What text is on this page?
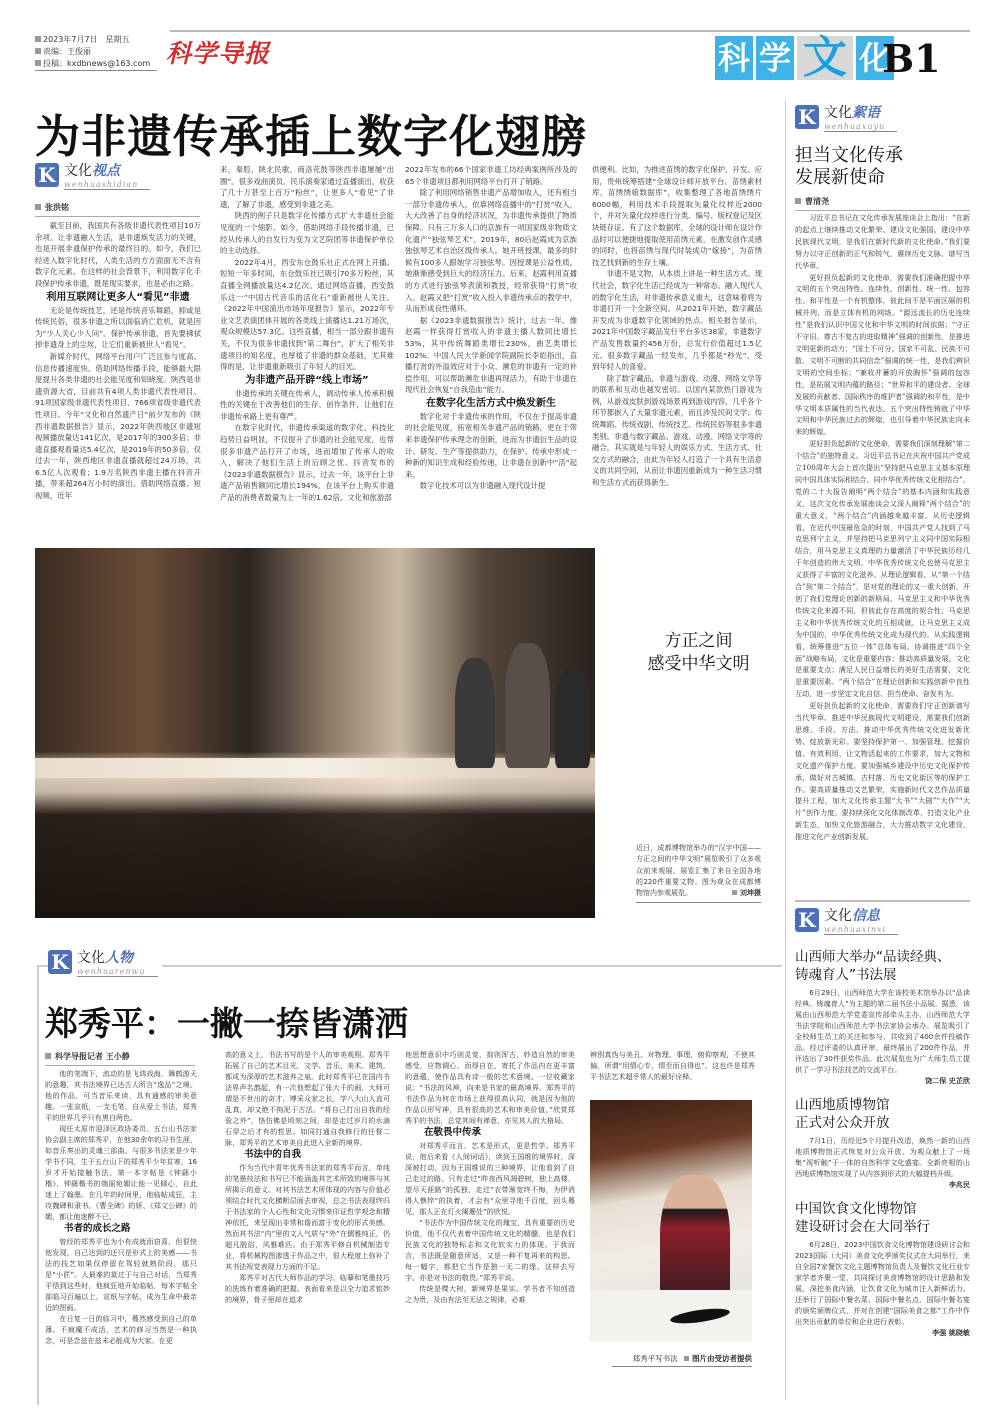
2023年7月7日　星期五
责编：王俊丽
投稿：kxdbnews@163.com 科学导报	科 学 文 化
B1
为非遗传承插上数字化翅膀
K 文化视点
wenhuashidian
张洪铭

截至目前，我国共有各级非遗代表性项目10万余项。让非遗融入生活，是非遗焕发活力的关键，也是开展非遗保护传承的最终目的。如今，我们已经进入数字化时代，人类生活的方方面面无不含有数字化元素。在这样的社会背景下，利用数字化手段保护传承非遗，既是现实要求，也是必由之路。

利用互联网让更多人“看见”非遗

无论是传统技艺，还是传统音乐舞蹈，抑或是传统民俗，很多非遗之所以面临消亡危机，就是因为“少人关心少人问”。保护传承非遗，首先要拂拭掉非遗身上的尘埃，让它们重新被世人“看见”。

新媒介时代，网络平台用户广泛且参与度高、信息传播速度快。借助网络传播手段，能够最大限度提升各类非遗的社会能见度和知晓度。陕西是非遗资源大省，目前共有4项人类非遗代表性项目、91项国家级非遗代表性项目、766项省级非遗代表性项目。今年“文化和自然遗产日”前夕发布的《陕西非遗数据报告》显示，2022年陕西地区非遗短视频播放量达141亿次，是2017年的300多倍；非遗直播观看量达5.4亿次，是2019年的50多倍。仅过去一年，陕西地区非遗直播就超过24万场，共6.5亿人次观看；1.9万名陕西非遗主播在抖音开播，带来超264万小时的演出。借助网络直播、短视频，近年

来，秦腔、陕北民歌、商洛花鼓等陕西非遗屡屡“出圈”。很多戏曲演员、民乐演奏家通过直播演出，收获了几十万甚至上百万“粉丝”，让更多人“看见”了非遗，了解了非遗，感受到非遗之美。

陕西的例子只是数字化传播方式扩大非遗社会能见度的一个缩影。如今，借助网络手段传播非遗，已经从传承人的自发行为变为文艺院团等非遗保护单位的主动选择。

2022年4月，西安东仓鼓乐社正式在网上开播。短短一年多时间，东仓鼓乐社已吸引70多万粉丝，其直播全网播放量达4.2亿次。通过网络直播，西安鼓乐这一“中国古代音乐的活化石”重新被世人关注。《2022年中国演出市场年度报告》显示，2022年专业文艺表演团体开展的各类线上演播达1.21万场次，观众规模达57.3亿。这些直播，相当一部分跟非遗有关，不仅为很多非遗找到“第二舞台”，扩大了相关非遗项目的知名度，也厚植了非遗的群众基础，尤其难得的是，让非遗重新吸引了年轻人的目光。

为非遗产品开辟“线上市场”

非遗传承的关键在传承人，调动传承人传承积极性的关键在于改善他们的生存、创作条件，让他们在非遗传承路上更有尊严。

在数字化时代，非遗传承渠道的数字化、科技化趋势日益明显，不仅提升了非遗的社会能见度，也帮很多非遗产品打开了市场，进而增加了传承人的收入，解决了他们生活上的后顾之忧。抖音发布的《2023非遗数据报告》显示，过去一年，该平台上非遗产品销售额同比增长194%。在该平台上购买非遗产品的消费者数量为上一年的1.62倍。文化和旅游部

2022年发布的66个国家非遗工坊经典案例所涉及的65个非遗项目都利用网络平台打开了销路。

除了利用网络销售非遗产品增加收入，还有相当一部分非遗传承人，依靠网络直播中的“打赏”收入，大大改善了自身的经济状况，为非遗传承提供了物质保障。只有三万多人口的京族有一项国家级非物质文化遗产“独弦琴艺术”。2019年，80后赵霞成为京族独弦琴艺术自治区级传承人。她开班授课，最多的时候有100多人跟她学习独弦琴。因授课是公益性质，她渐渐感受到巨大的经济压力。后来，赵霞利用直播的方式进行独弦琴表演和教授，经常获得“打赏”收入。赵霞又把“打赏”收入投入非遗传承点的教学中，从而形成良性循环。

据《2023非遗数据报告》统计，过去一年，像赵霞一样获得打赏收入的非遗主播人数同比增长53%，其中传统舞蹈类增长230%，曲艺类增长102%。中国人民大学新闻学院副院长李彪指出，直播打赏的外溢效应对于小众、濒危的非遗有一定的补偿作用，可以帮助濒危非遗再现活力，有助于非遗在现代社会恢复“自我造血”能力。

在数字化生活方式中焕发新生

数字化对于非遗传承的作用，不仅在于提高非遗的社会能见度，拓宽相关非遗产品的销路，更在于带来非遗保护传承理念的创新，进而为非遗衍生品的设计、研发、生产等提供助力，在保护、传承中形成一种新的知识生成和经验传递，让非遗在创新中“活”起来。

数字化技术可以为非遗融入现代设计提

供便利。比如，为推进苗绣的数字化保护、开发、应用，贵州统筹搭建“全球设计师开放平台、苗绣素材库、苗绣绣娘数据库”，收集整理了各地苗绣绣片6000幅，利用技术手段提取矢量化纹样近2000个，并对矢量化纹样进行分类、编号、版权登记及区块链存证。有了这个数据库，全球的设计师在设计作品时可以便捷地提取使用苗绣元素，在激发创作灵感的同时，也将苗绣与现代时装成功“嫁接”，为苗绣技艺找到新的生存土壤。

非遗不是文物，从本质上讲是一种生活方式。现代社会，数字化生活已经成为一种常态。融入现代人的数字化生活，对非遗传承意义重大，这意味着将为非遗打开一个全新空间。从2021年开始，数字藏品开发成为非遗数字化领域的热点。相关报告显示，2021年中国数字藏品发行平台多达38家，非遗数字产品发售数量约456万份，总发行价值超过1.5亿元。很多数字藏品一经发布，几乎都是“秒光”，受到年轻人的喜爱。

除了数字藏品，非遗与游戏、动漫、网络文学等的联系和互动也越发密切。以国内某款热门游戏为例，从游戏皮肤到游戏场景再到游戏内容，几乎各个环节都嵌入了大量非遗元素，而且涉及民间文学、传统舞蹈、传统戏剧、传统技艺、传统民俗等很多非遗类别。非遗与数字藏品、游戏、动漫、网络文学等的融合，其实就是与年轻人的娱乐方式、生活方式、社交方式的融合，由此为年轻人打造了一个具有生活意义的共同空间，从而让非遗因重新成为一种生活习惯和生活方式而获得新生。

方正之间
感受中华文明
近日，成都博物馆举办的“汉字中国——方正之间的中华文明”展览吸引了众多观众前来观展。展览汇集了来自全国各地的220件重要文物。图为观众在成都博物馆内参观展览。	刘坤摄
K 文化絮语
wenhuaxuyu
担当文化传承
发展新使命
曹清尧

习近平总书记在文化传承发展座谈会上指出：“在新的起点上继续推动文化繁荣、建设文化强国、建设中华民族现代文明，是我们在新时代新的文化使命。”我们要努力以守正创新的正气和锐气，赓续历史文脉、谱写当代华章。

更好担负起新的文化使命，需要我们准确把握中华文明的五个突出特性。连续性、创新性、统一性、包容性、和平性是一个有机整体，彼此间不是平面区隔的机械并列，而是立体有机的网络。“源远流长的历史连续性”是我们认识中国文化和中华文明的时间依据；“守正不守旧、尊古不复古的进取精神”强调的创新性，是推进文明更新的动力；“国土不可分、国家不可乱、民族不可散、文明不可断的共同信念”强调的统一性，是我们辨识文明的空间坐标；“兼收并蓄的开放胸怀”强调的包容性，是拓展文明内蕴的路径；“世界和平的建设者、全球发展的贡献者、国际秩序的维护者”强调的和平性，是中华文明本质属性的当代表达。五个突出特性铸就了中华文明和中华民族过去的辉煌，也引导着中华民族走向未来的辉煌。

更好担负起新的文化使命，需要我们深刻理解“第二个结合”的独特意义。习近平总书记在庆祝中国共产党成立100周年大会上首次提出“坚持把马克思主义基本原理同中国具体实际相结合、同中华优秀传统文化相结合”。党的二十大报告阐明“两个结合”的基本内涵和实践意义，这次文化传承发展座谈会又深入阐释“两个结合”的重大意义，“两个结合”内涵越来越丰富。从历史逻辑看，在近代中国最危急的时刻，中国共产党人找到了马克思列宁主义，并坚持把马克思列宁主义同中国实际相结合，用马克思主义真理的力量激活了中华民族历经几千年创造的伟大文明，中华优秀传统文化也使马克思主义获得了丰富的文化滋养。从理论逻辑看，从“第一个结合”到“第二个结合”，是对党的理论的又一重大创新，开创了我们党理论创新的新格局。马克思主义和中华优秀传统文化来源不同，但彼此存在高度的契合性；马克思主义和中华优秀传统文化的互相成就，让马克思主义成为中国的，中华优秀传统文化成为现代的。从实践逻辑看，统筹推进“五位一体”总体布局、协调推进“四个全面”战略布局，文化是重要内容；推动高质量发展，文化是重要支点；满足人民日益增长的美好生活需要，文化是重要因素。“两个结合”在理论创新和实践创新中良性互动，进一步坚定文化自信、担当使命、奋发有为。

更好担负起新的文化使命，需要我们守正创新谱写当代华章。推进中华民族现代文明建设，需要我们创新思维、手段、方法，推动中华优秀传统文化迸发新优势、绽放新光彩。要坚持保护第一、加强管理、挖掘价值、有效利用、让文物活起来的工作要求，加大文物和文化遗产保护力度。要加强城乡建设中历史文化保护传承，做好对古城镇、古村落、历史文化街区等的保护工作。要高质量推动文艺繁荣，实施新时代文艺作品质量提升工程，加大文化传承主题“大书”“大剧”“大作”“大片”创作力度。要持续深化文化体制改革，打造文化产业新生态，加快文化旅游融合，大力推动数字文化建设，推进文化产业创新发展。

K 文化信息
wenhuaxinxi
山西师大举办“品读经典、
铸魂育人”书法展

6月29日，山西师范大学在该校美术馆举办以“品读经典、铸魂育人”为主题的第二届书法小品展。据悉，该展由山西师范大学党委宣传部牵头主办，山西师范大学书法学院和山西师范大学书法家协会承办。展览吸引了全校师生员工的关注和参与，共收到了400余件投稿作品。经过评委的认真评审，最终展出了200件作品，并评选出了30件获奖作品。此次展览也为广大师生员工提供了一学习书法技艺的交流平台。

饶二保 史芷欣

山西地质博物馆
正式对公众开放

7月1日，历经近5个月提升改造，焕然一新的山西地质博物馆正式恢复对公众开放，为观众献上了一场集“视听触”于一体的自然科学文化盛宴。全新亮相的山西地质博物馆实现了从内容到形式的大幅提档升级。

李兆民

中国饮食文化博物馆
建设研讨会在大同举行

6月28日，2023中国饮食文化博物馆建设研讨会和2023国际（大同）美食文化季颁奖仪式在大同举行，来自全国7家餐饮文化主题博物馆负责人及餐饮文化行业专家学者齐聚一堂，共同探讨美食博物馆的设计思路和发展，深挖美食内涵，让饮食文化为城市注入新鲜活力。还举行了国际中餐名菜、国际中餐名点、国际中餐名宴的颁奖颁牌仪式，并对在创建“国际美食之都”工作中作出突出贡献的单位和企业进行表彰。

李强 姚晓敏

K 文化人物
wenhuarenwu
郑秀平：一撇一捺皆潇洒
科学导报记者 王小静

他的笔端下，流动的是飞鸿戏海，舞鹤游天的意趣，其书法境界已达古人所言“逸品”之境。他的作品，可当音乐来读，具有通感的审美意趣。一张宣纸，一支毛笔，自从爱上书法，郑秀平的世界几乎只有黑白两色。

现任太原市迎泽区政协委员、五台山书法家协会副主席的郑秀平，在他30余年的习书生涯，如音乐奏出的灵魂三部曲。与很多书法家是少年学书不同，生于五台山下的郑秀平少年贫寒，16岁才开始接触书法。第一本字帖是《钟繇小楷》，钟繇楷书的端丽宛媚让他一见倾心，自此迷上了翰墨。在几年的时间里，他临帖成狂，主攻魏碑和隶书。《曹全碑》的妍、《郑文公碑》的媚，都让他迷醉不已。

书者的成长之路

曾经的郑秀平也为小有成就而窃喜，但很快他发现，自己达到的还只是形式上的美感——书法的技艺如果仅停留在驾轻就熟阶段，那只是“小匠”。人最难的莫过于与自己对话，当郑秀平悟到这些时，他疯狂地开始临帖，每本字帖全部临习百遍以上，宣纸与字帖，成为生命中最亲近的图画。

在日复一日的临习中，蓦然感受到自己的单薄。不疯魔不成活，艺术的修习当然是一种执念，可是念兹在兹未必能成为大家。在更

高的意义上，书法书写的是个人的审美观照。郑秀平拓展了自己的艺术目光，文学、音乐、美术、建筑，都成为深厚的艺术滋养之泉。此时郑秀平已在国内书法界声名鹊起，有一次他想起了张大千的画，大师可谓是不世出的奇才，博采众家之长，学八大山人直可乱真，却又绝不拘泥于古法。“将自己打出自我的经验之外”，恪仿佛是顷刻之间，却是走过岁月的水滴石穿之后才有的哲思。如同打通自我修行的任督二脉，郑秀平的艺术审美自此进入全新的境界。

书法中的自我

作为当代中青年优秀书法家的郑秀平而言，单纯的笔墨技法和书写已不能涵盖其艺术所致的境界与其所揭示的意义。对其书法艺术所体现的内容与价值必须结合时代文化横断层面去审视，总之书法表现终归于书法家的个人心性和文化习惯来印证哲学观念和精神依托，来呈现出非常和谐而富于变化的形式美感。然而其书法“内”里的文人气质与“外”在儒雅纯正，仍超凡脱俗，风雅难匹。由于郑秀平修自机械制造专业，将机械构图渗透于作品之中，很大程度上弥补了其书法视觉表现力方面的不足。

郑秀平对古代大师作品的学习、临摹和笔墨技巧的洗练有着准确的把握。表面看来是以全力追求铭妙的境界，骨子里却在追求

他思想意识中巧则灵变，拙则浑古，妙造自然的审美感受，应物调心，而得自在，寄托了作品内在更丰富的意蕴，使作品具有诗一般的艺术意境。一位收藏家说：“书法的风神，向来是书家的最高境界。郑秀平的书法作品为何在市场上获得很高认同，就是因为他的作品以形写神，具有很高的艺术和审美价值。”欣赏郑秀平的书法，总觉其间有禅意，亦见其人的大格局。

在敬畏中传承

对郑秀平而言，艺术是形式，更是哲学。郑秀平说，他后来看《人间词话》，读到王国维的境界时，深深被打动，因为王国维说的三种境界，让他看到了自己走过的路。只有走过“昨夜西风凋碧树，独上高楼，望尽天涯路”的孤独，走过“衣带渐宽终不悔，为伊消得人憔悴”的执着，才会有“众里寻他千百度，回头蓦见，那人正在灯火阑珊处”的欣悦。

“书法作为中国传统文化的瑰宝，具有重要的历史价值，他不仅代表着中国传统文化的精髓，也是我们民族文化的独特标志和文化软实力的体现。于我而言，书法既是随意所适，又是一种不复再来的构思。每一幅字，都把它当作是独一无二的缘。这样去写字，亦是对书法的敬畏。”郑秀平说。

传统是棵大树，新境界是果实。学书者不知创造之为贵，及由有法至无法之规律，必难

辨别真伪与美丑。对物理、事理，俯仰察观，不使其偏，所谓“用情心专，情至而自得也”，这也许是郑秀平书法艺术超乎常人的最好诠释。

郑秀平写书法 图片由受访者提供
